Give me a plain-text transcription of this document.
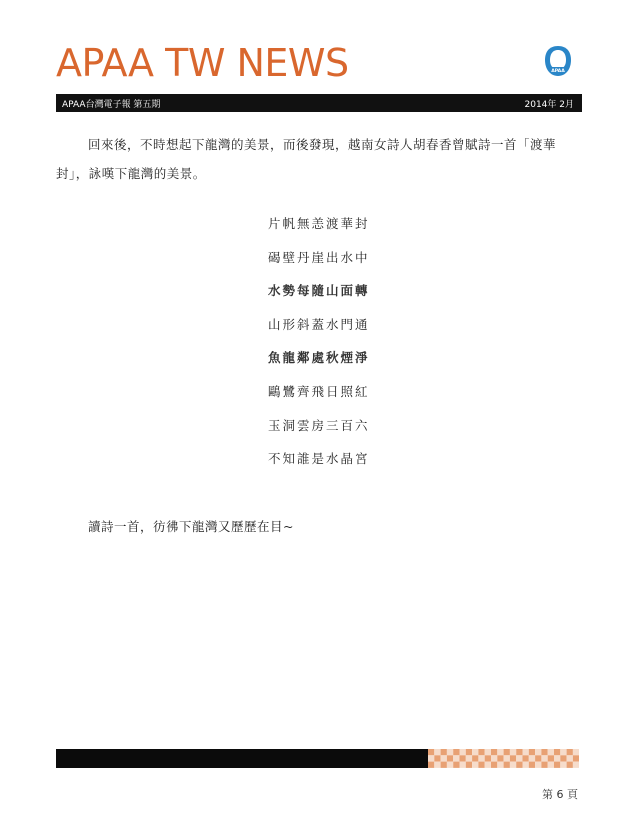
APAA TW NEWS	APAA
APAA台灣電子報 第五期	2014年 2月

回來後，不時想起下龍灣的美景，而後發現，越南女詩人胡春香曾賦詩一首「渡華封」，詠嘆下龍灣的美景。

片帆無恙渡華封
碣壁丹崖出水中
水勢每隨山面轉
山形斜蓋水門通
魚龍鄰處秋煙淨
鷗鷺齊飛日照紅
玉洞雲房三百六
不知誰是水晶宮

讀詩一首，彷彿下龍灣又歷歷在目~

第 6 頁
